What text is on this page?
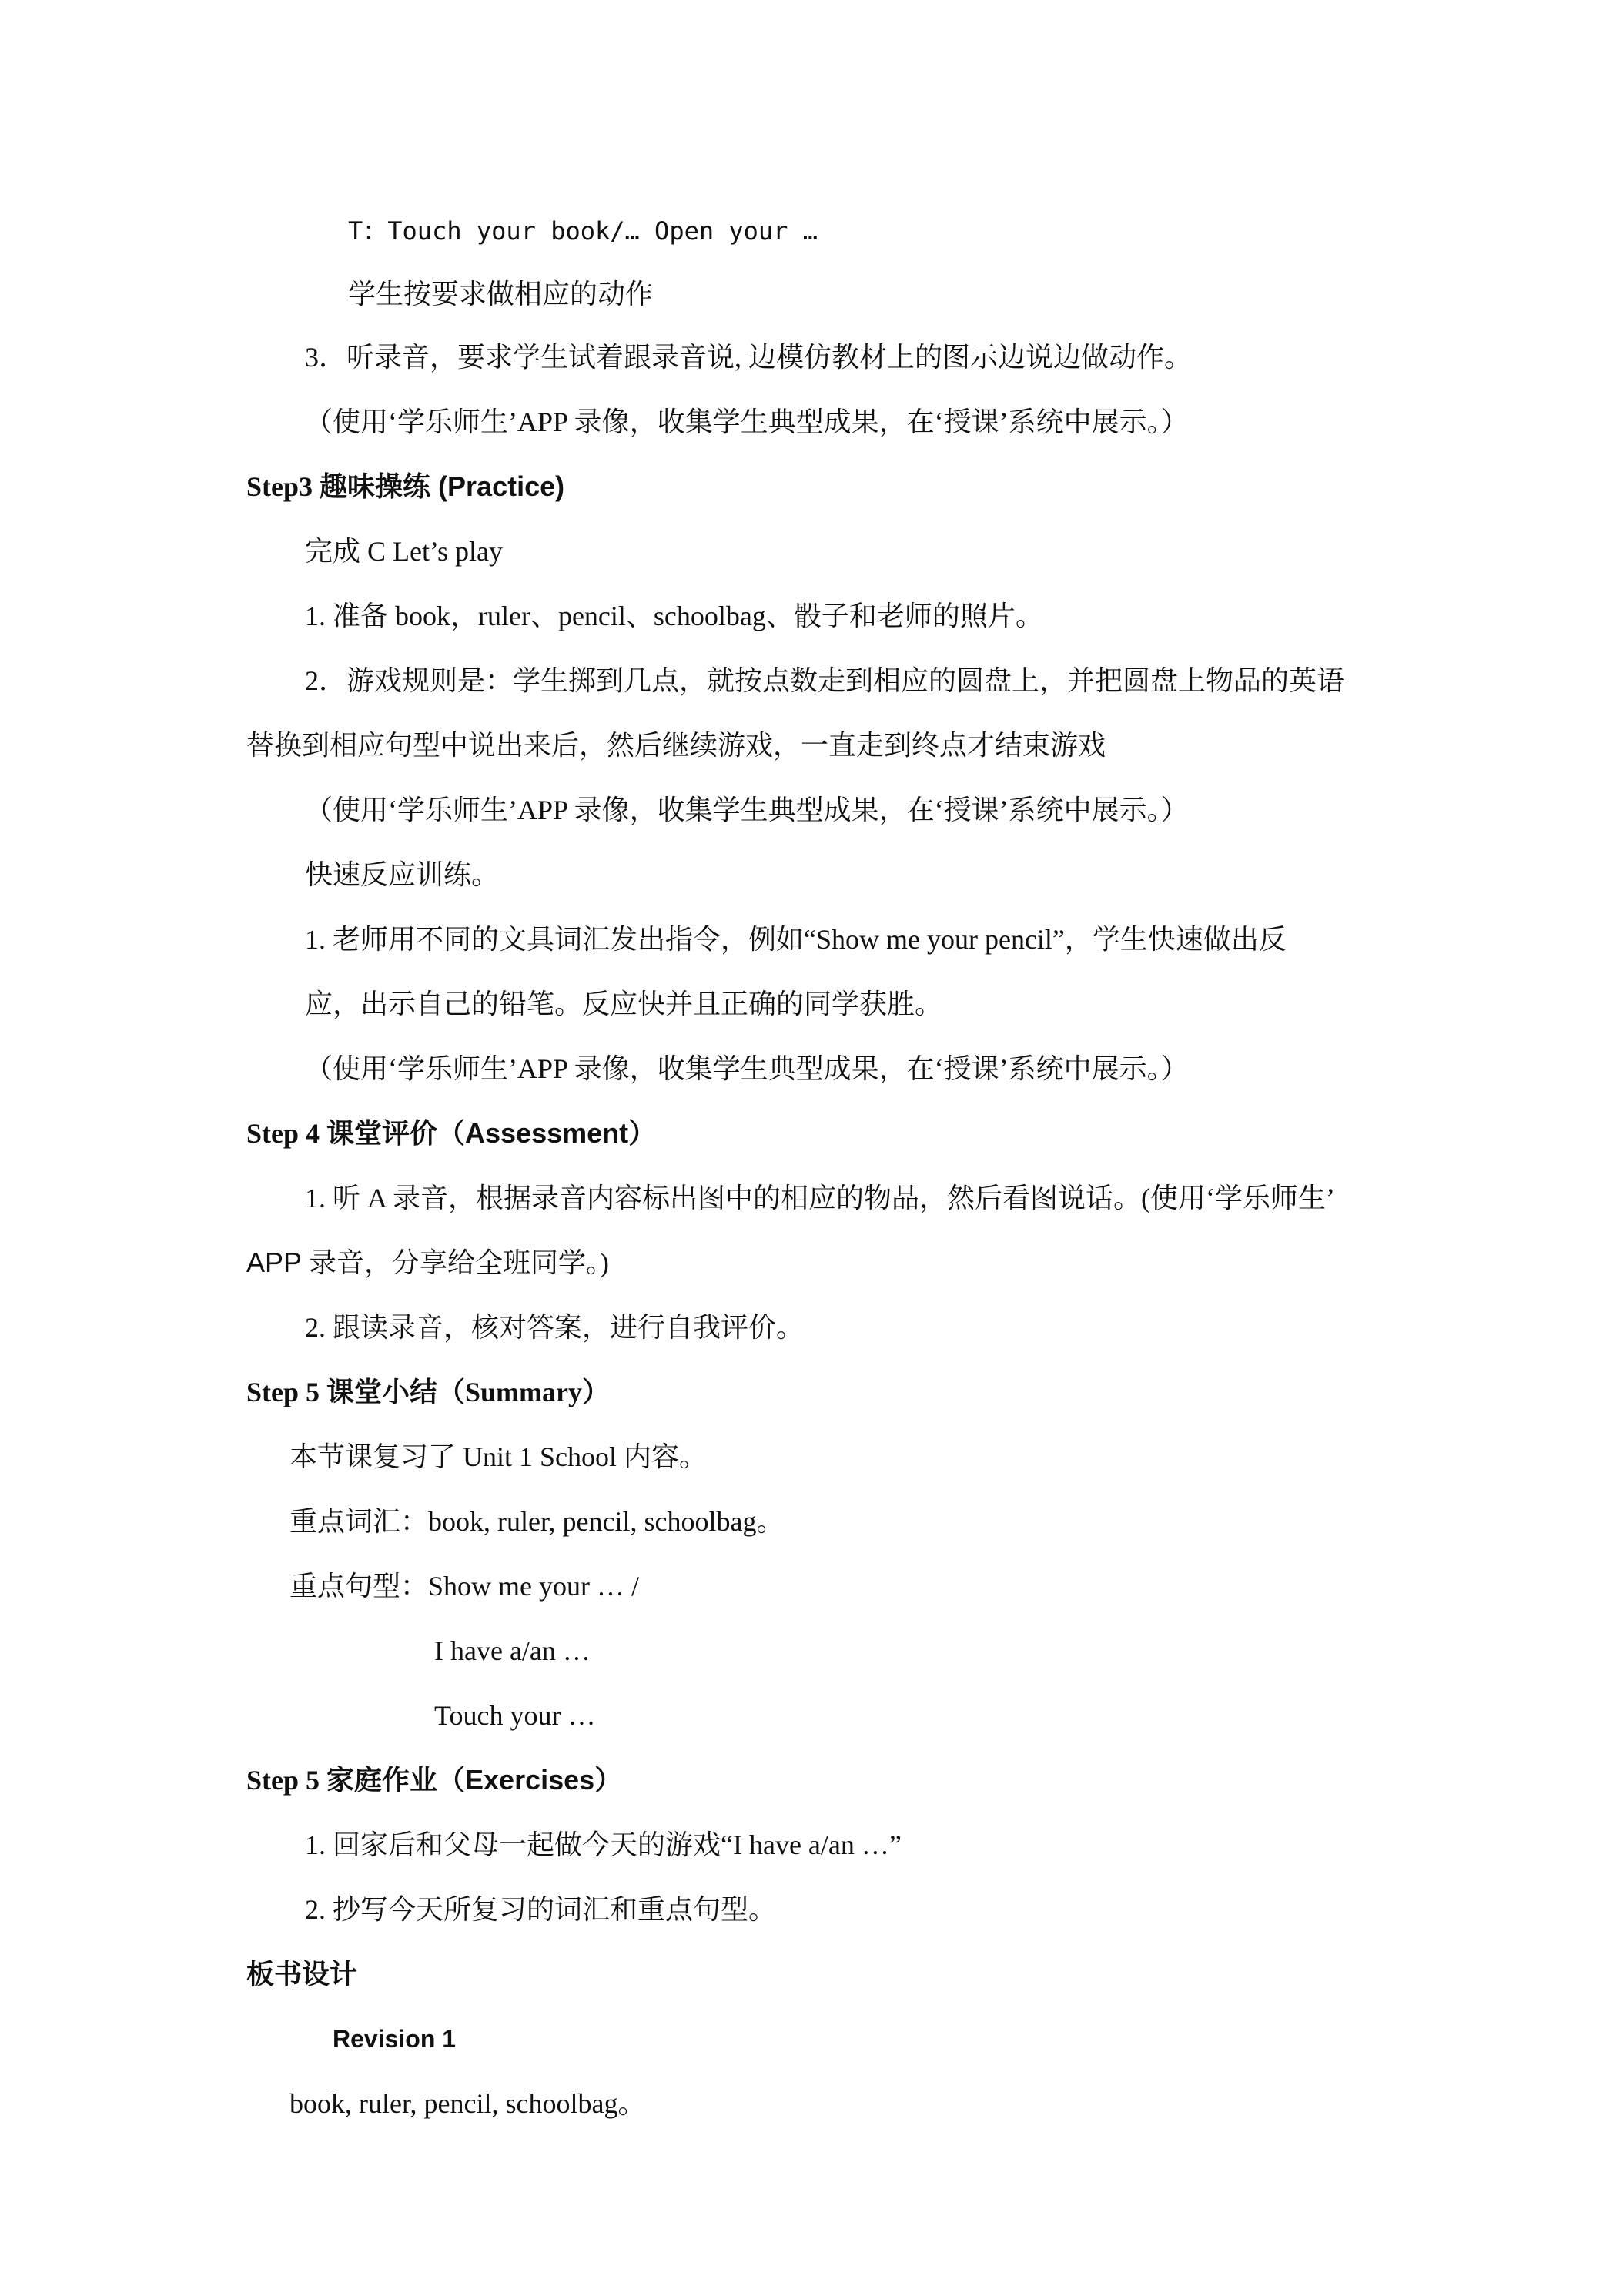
T：Touch your book/… Open your …
学生按要求做相应的动作
3．听录音，要求学生试着跟录音说, 边模仿教材上的图示边说边做动作。
（使用‘学乐师生’APP 录像，收集学生典型成果，在‘授课’系统中展示。）
Step3 趣味操练 (Practice)
完成 C Let’s play
1. 准备 book，ruler、pencil、schoolbag、骰子和老师的照片。
2．游戏规则是：学生掷到几点，就按点数走到相应的圆盘上，并把圆盘上物品的英语
替换到相应句型中说出来后，然后继续游戏，一直走到终点才结束游戏
（使用‘学乐师生’APP 录像，收集学生典型成果，在‘授课’系统中展示。）
快速反应训练。
1. 老师用不同的文具词汇发出指令，例如“Show me your pencil”，学生快速做出反
应，出示自己的铅笔。反应快并且正确的同学获胜。
（使用‘学乐师生’APP 录像，收集学生典型成果，在‘授课’系统中展示。）
Step 4 课堂评价（Assessment）
1. 听 A 录音，根据录音内容标出图中的相应的物品，然后看图说话。(使用‘学乐师生’
APP 录音，分享给全班同学。)
2. 跟读录音，核对答案，进行自我评价。
Step 5 课堂小结（Summary）
本节课复习了 Unit 1 School 内容。
重点词汇：book, ruler, pencil, schoolbag。
重点句型：Show me your … /
I have a/an …
Touch your …
Step 5 家庭作业（Exercises）
1. 回家后和父母一起做今天的游戏“I have a/an …”
2. 抄写今天所复习的词汇和重点句型。
板书设计
Revision 1
book, ruler, pencil, schoolbag。
